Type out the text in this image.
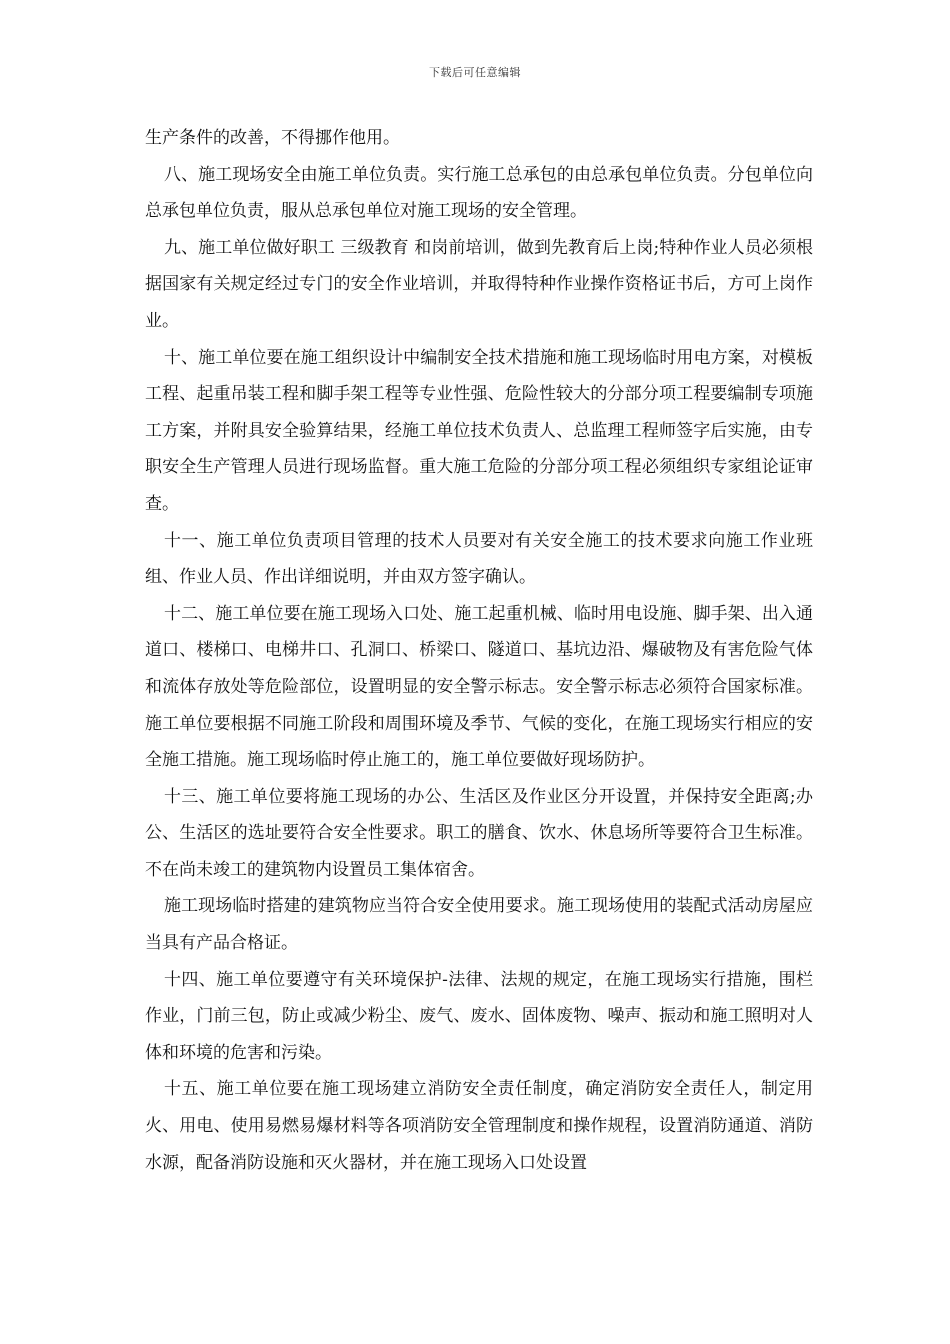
下载后可任意编辑

生产条件的改善，不得挪作他用。

八、施工现场安全由施工单位负责。实行施工总承包的由总承包单位负责。分包单位向总承包单位负责，服从总承包单位对施工现场的安全管理。

九、施工单位做好职工 三级教育 和岗前培训，做到先教育后上岗;特种作业人员必须根据国家有关规定经过专门的安全作业培训，并取得特种作业操作资格证书后，方可上岗作业。

十、施工单位要在施工组织设计中编制安全技术措施和施工现场临时用电方案，对模板工程、起重吊装工程和脚手架工程等专业性强、危险性较大的分部分项工程要编制专项施工方案，并附具安全验算结果，经施工单位技术负责人、总监理工程师签字后实施，由专职安全生产管理人员进行现场监督。重大施工危险的分部分项工程必须组织专家组论证审查。

十一、施工单位负责项目管理的技术人员要对有关安全施工的技术要求向施工作业班组、作业人员、作出详细说明，并由双方签字确认。

十二、施工单位要在施工现场入口处、施工起重机械、临时用电设施、脚手架、出入通道口、楼梯口、电梯井口、孔洞口、桥梁口、隧道口、基坑边沿、爆破物及有害危险气体和流体存放处等危险部位，设置明显的安全警示标志。安全警示标志必须符合国家标准。施工单位要根据不同施工阶段和周围环境及季节、气候的变化，在施工现场实行相应的安全施工措施。施工现场临时停止施工的，施工单位要做好现场防护。

十三、施工单位要将施工现场的办公、生活区及作业区分开设置，并保持安全距离;办公、生活区的选址要符合安全性要求。职工的膳食、饮水、休息场所等要符合卫生标准。不在尚未竣工的建筑物内设置员工集体宿舍。

施工现场临时搭建的建筑物应当符合安全使用要求。施工现场使用的装配式活动房屋应当具有产品合格证。

十四、施工单位要遵守有关环境保护-法律、法规的规定，在施工现场实行措施，围栏作业，门前三包，防止或减少粉尘、废气、废水、固体废物、噪声、振动和施工照明对人体和环境的危害和污染。

十五、施工单位要在施工现场建立消防安全责任制度，确定消防安全责任人，制定用火、用电、使用易燃易爆材料等各项消防安全管理制度和操作规程，设置消防通道、消防水源，配备消防设施和灭火器材，并在施工现场入口处设置
